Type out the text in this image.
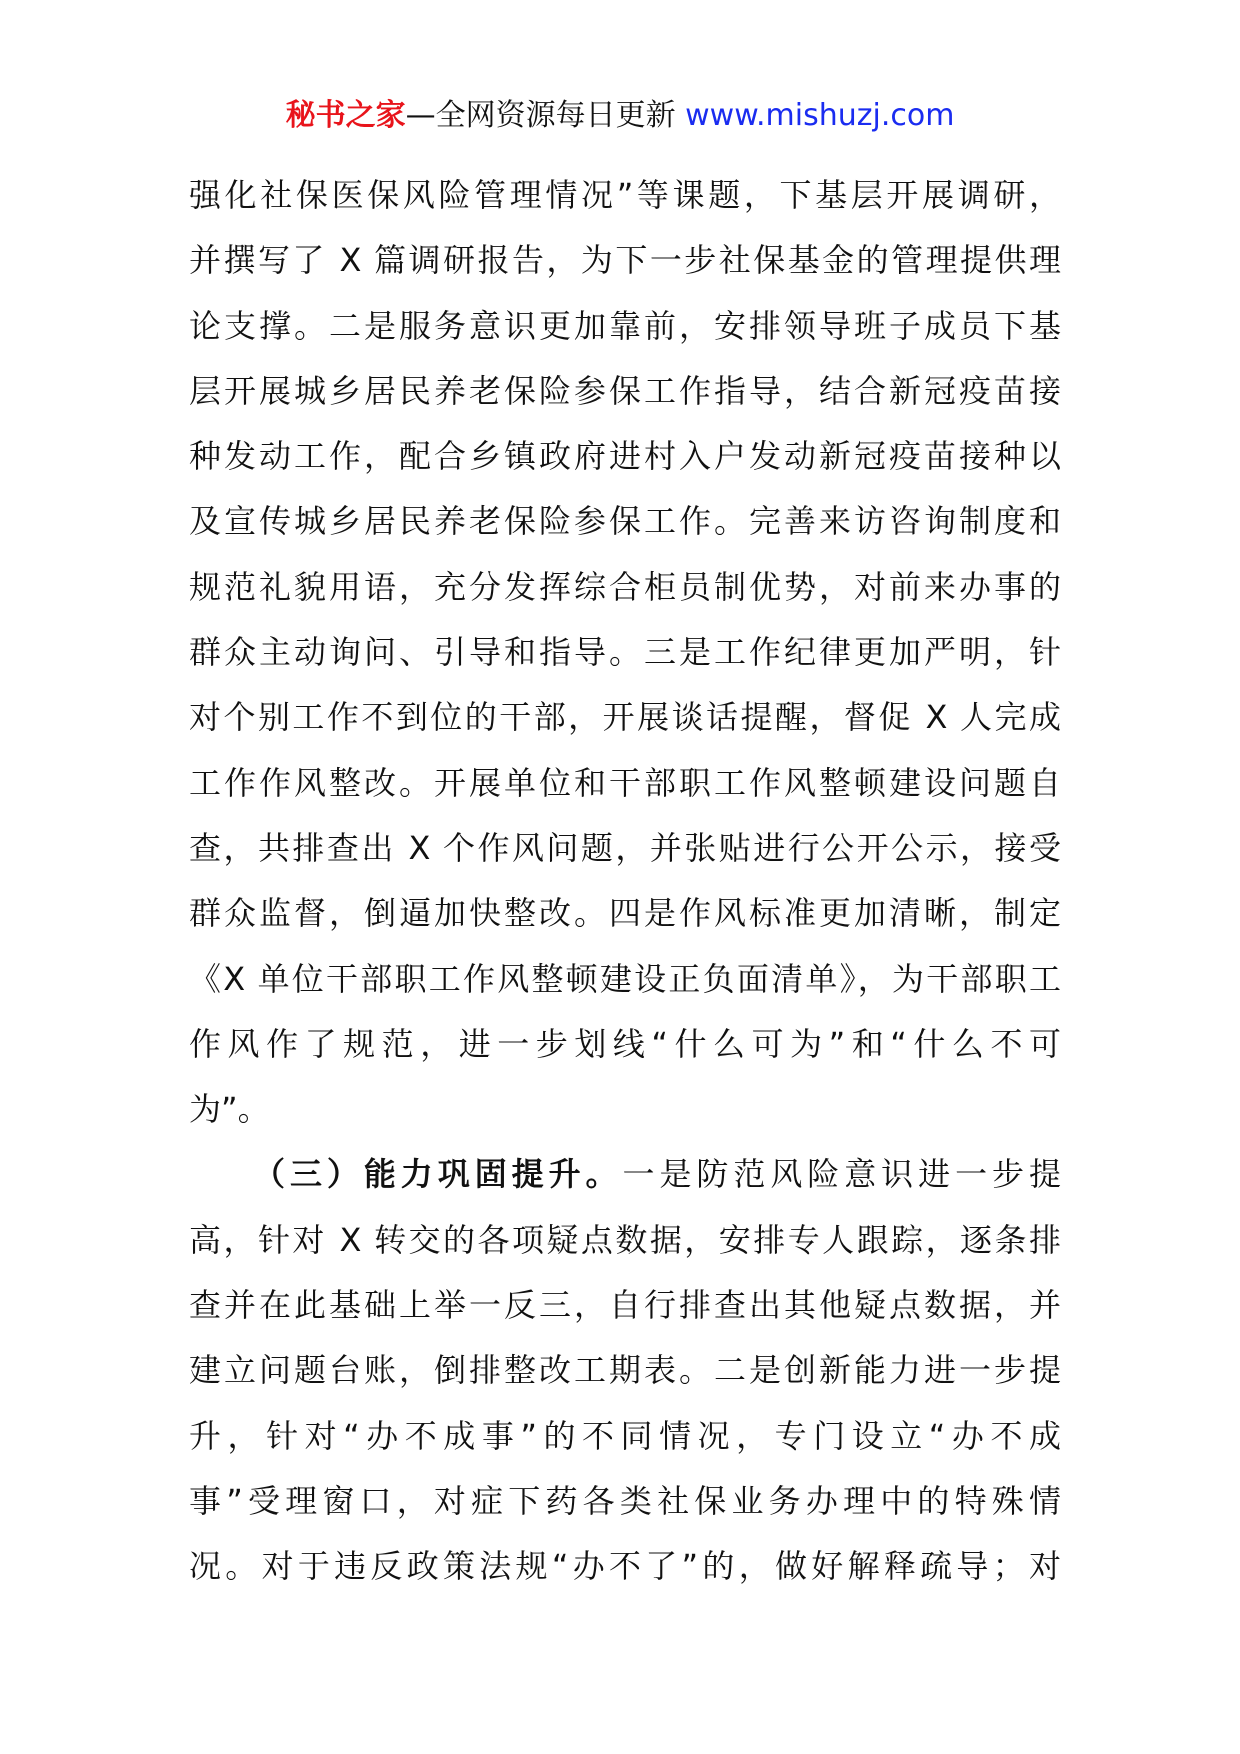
秘书之家—全网资源每日更新 www.mishuzj.com
强化社保医保风险管理情况”等课题，下基层开展调研，
并撰写了 X 篇调研报告，为下一步社保基金的管理提供理
论支撑。二是服务意识更加靠前，安排领导班子成员下基
层开展城乡居民养老保险参保工作指导，结合新冠疫苗接
种发动工作，配合乡镇政府进村入户发动新冠疫苗接种以
及宣传城乡居民养老保险参保工作。完善来访咨询制度和
规范礼貌用语，充分发挥综合柜员制优势，对前来办事的
群众主动询问、引导和指导。三是工作纪律更加严明，针
对个别工作不到位的干部，开展谈话提醒，督促 X 人完成
工作作风整改。开展单位和干部职工作风整顿建设问题自
查，共排查出 X 个作风问题，并张贴进行公开公示，接受
群众监督，倒逼加快整改。四是作风标准更加清晰，制定
《X 单位干部职工作风整顿建设正负面清单》，为干部职工
作风作了规范，进一步划线“什么可为”和“什么不可
为”。
（三）能力巩固提升。一是防范风险意识进一步提
高，针对 X 转交的各项疑点数据，安排专人跟踪，逐条排
查并在此基础上举一反三，自行排查出其他疑点数据，并
建立问题台账，倒排整改工期表。二是创新能力进一步提
升，针对“办不成事”的不同情况，专门设立“办不成
事”受理窗口，对症下药各类社保业务办理中的特殊情
况。对于违反政策法规“办不了”的，做好解释疏导；对
